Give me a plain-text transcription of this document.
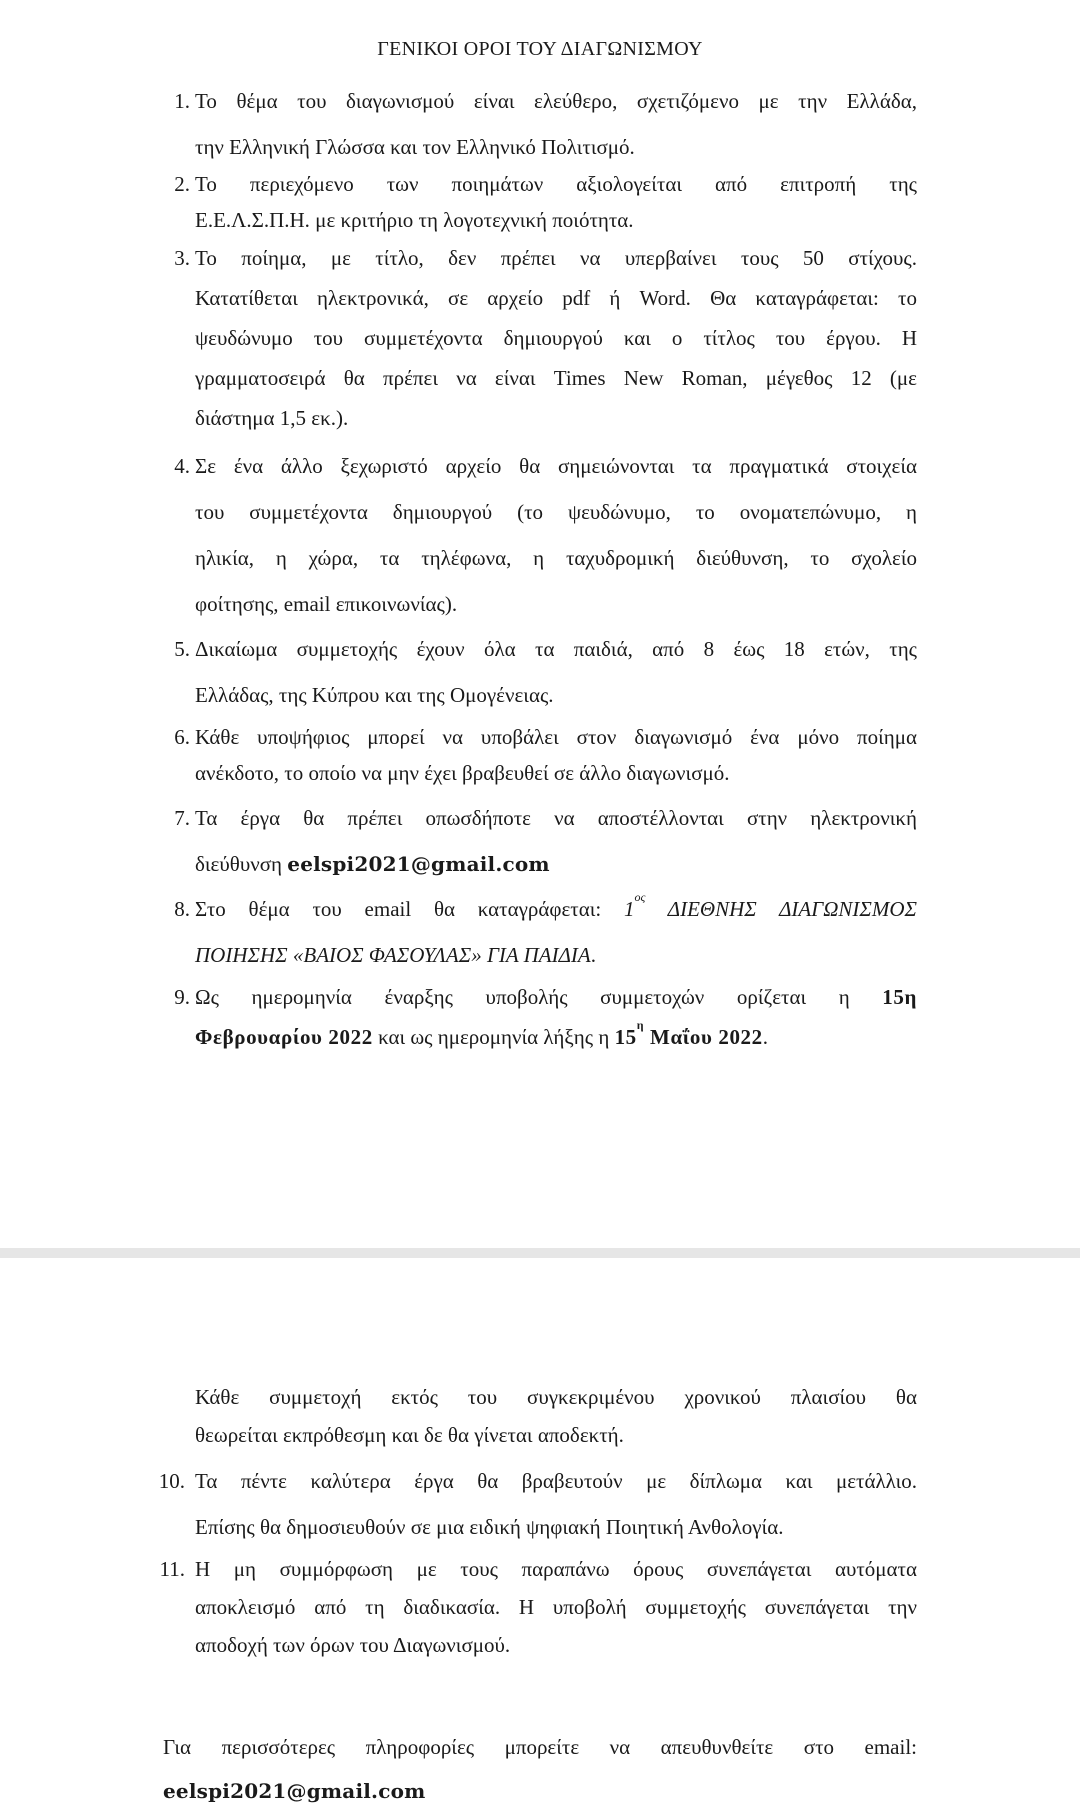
ΓΕΝΙΚΟΙ ΟΡΟΙ ΤΟΥ ΔΙΑΓΩΝΙΣΜΟΥ
1. Το θέμα του διαγωνισμού είναι ελεύθερο, σχετιζόμενο με την Ελλάδα,
την Ελληνική Γλώσσα και τον Ελληνικό Πολιτισμό.
2. Το περιεχόμενο των ποιημάτων αξιολογείται από επιτροπή της
Ε.Ε.Λ.Σ.Π.Η. με κριτήριο τη λογοτεχνική ποιότητα.
3. Το ποίημα, με τίτλο, δεν πρέπει να υπερβαίνει τους 50 στίχους.
Κατατίθεται ηλεκτρονικά, σε αρχείο pdf ή Word. Θα καταγράφεται: το
ψευδώνυμο του συμμετέχοντα δημιουργού και ο τίτλος του έργου. Η
γραμματοσειρά θα πρέπει να είναι Times New Roman, μέγεθος 12 (με
διάστημα 1,5 εκ.).
4. Σε ένα άλλο ξεχωριστό αρχείο θα σημειώνονται τα πραγματικά στοιχεία
του συμμετέχοντα δημιουργού (το ψευδώνυμο, το ονοματεπώνυμο, η
ηλικία, η χώρα, τα τηλέφωνα, η ταχυδρομική διεύθυνση, το σχολείο
φοίτησης, email επικοινωνίας).
5. Δικαίωμα συμμετοχής έχουν όλα τα παιδιά, από 8 έως 18 ετών, της
Ελλάδας, της Κύπρου και της Ομογένειας.
6. Κάθε υποψήφιος μπορεί να υποβάλει στον διαγωνισμό ένα μόνο ποίημα
ανέκδοτο, το οποίο να μην έχει βραβευθεί σε άλλο διαγωνισμό.
7. Τα έργα θα πρέπει οπωσδήποτε να αποστέλλονται στην ηλεκτρονική
διεύθυνση eelspi2021@gmail.com
8. Στο θέμα του email θα καταγράφεται: $1^{o\varsigma}$ ΔΙΕΘΝΗΣ ΔΙΑΓΩΝΙΣΜΟΣ
ΠΟΙΗΣΗΣ «ΒΑΙΟΣ ΦΑΣΟΥΛΑΣ» ΓΙΑ ΠΑΙΔΙΑ.
9. Ως ημερομηνία έναρξης υποβολής συμμετοχών ορίζεται η 15η
Φεβρουαρίου 2022 και ως ημερομηνία λήξης η $15^\eta$ Μαΐου 2022.
Κάθε συμμετοχή εκτός του συγκεκριμένου χρονικού πλαισίου θα
θεωρείται εκπρόθεσμη και δε θα γίνεται αποδεκτή.
10. Τα πέντε καλύτερα έργα θα βραβευτούν με δίπλωμα και μετάλλιο.
Επίσης θα δημοσιευθούν σε μια ειδική ψηφιακή Ποιητική Ανθολογία.
11. Η μη συμμόρφωση με τους παραπάνω όρους συνεπάγεται αυτόματα
αποκλεισμό από τη διαδικασία. Η υποβολή συμμετοχής συνεπάγεται την
αποδοχή των όρων του Διαγωνισμού.
Για περισσότερες πληροφορίες μπορείτε να απευθυνθείτε στο email:
eelspi2021@gmail.com
